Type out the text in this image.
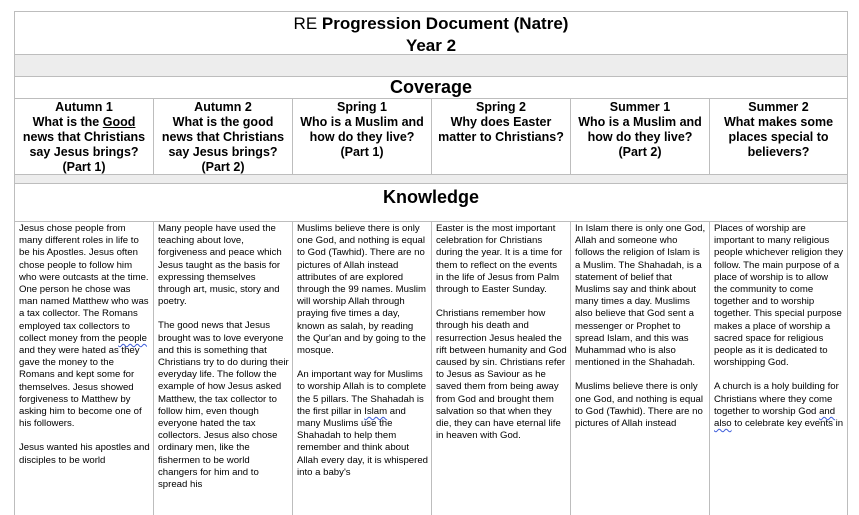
RE Progression Document (Natre)
Year 2
Coverage
Autumn 1
What is the Good news that Christians say Jesus brings? (Part 1)
Autumn 2
What is the good news that Christians say Jesus brings? (Part 2)
Spring 1
Who is a Muslim and how do they live? (Part 1)
Spring 2
Why does Easter matter to Christians?
Summer 1
Who is a Muslim and how do they live? (Part 2)
Summer 2
What makes some places special to believers?
Knowledge

Jesus chose people from many different roles in life to be his Apostles. Jesus often chose people to follow him who were outcasts at the time. One person he chose was man named Matthew who was a tax collector. The Romans employed tax collectors to collect money from the people and they were hated as they gave the money to the Romans and kept some for themselves. Jesus showed forgiveness to Matthew by asking him to become one of his followers.

Jesus wanted his apostles and disciples to be world

Many people have used the teaching about love, forgiveness and peace which Jesus taught as the basis for expressing themselves through art, music, story and poetry.

The good news that Jesus brought was to love everyone and this is something that Christians try to do during their everyday life. The follow the example of how Jesus asked Matthew, the tax collector to follow him, even though everyone hated the tax collectors. Jesus also chose ordinary men, like the fishermen to be world changers for him and to spread his

Muslims believe there is only one God, and nothing is equal to God (Tawhid). There are no pictures of Allah instead attributes of are explored through the 99 names. Muslim will worship Allah through praying five times a day, known as salah, by reading the Qur'an and by going to the mosque.

An important way for Muslims to worship Allah is to complete the 5 pillars. The Shahadah is the first pillar in Islam and many Muslims use the Shahadah to help them remember and think about Allah every day, it is whispered into a baby's

Easter is the most important celebration for Christians during the year. It is a time for them to reflect on the events in the life of Jesus from Palm through to Easter Sunday.

Christians remember how through his death and resurrection Jesus healed the rift between humanity and God caused by sin. Christians refer to Jesus as Saviour as he saved them from being away from God and brought them salvation so that when they die, they can have eternal life in heaven with God.

In Islam there is only one God, Allah and someone who follows the religion of Islam is a Muslim. The Shahadah, is a statement of belief that Muslims say and think about many times a day. Muslims also believe that God sent a messenger or Prophet to spread Islam, and this was Muhammad who is also mentioned in the Shahadah.

Muslims believe there is only one God, and nothing is equal to God (Tawhid). There are no pictures of Allah instead

Places of worship are important to many religious people whichever religion they follow. The main purpose of a place of worship is to allow the community to come together and to worship together. This special purpose makes a place of worship a sacred space for religious people as it is dedicated to worshipping God.

A church is a holy building for Christians where they come together to worship God and also to celebrate key events in
